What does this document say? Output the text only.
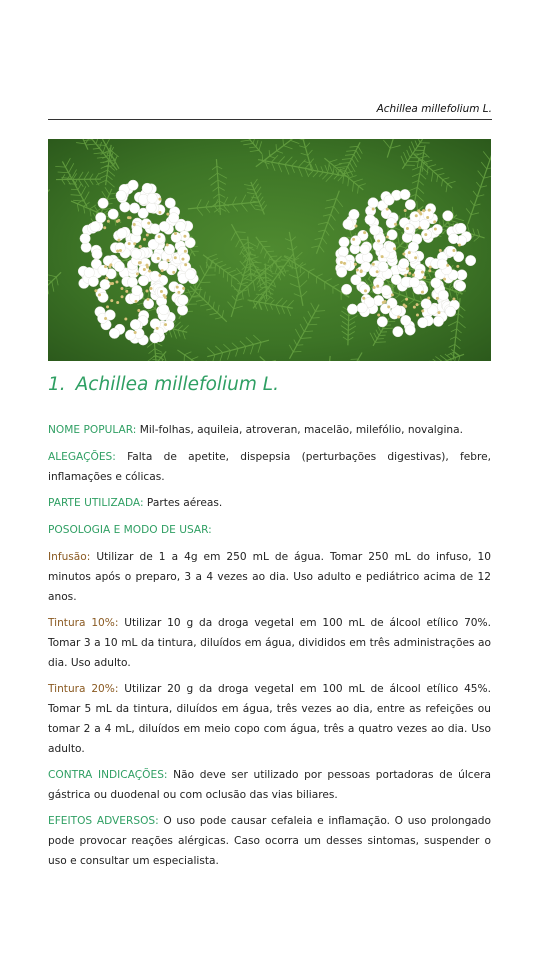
Achillea millefolium L.
1. Achillea millefolium L.

NOME POPULAR: Mil-folhas, aquileia, atroveran, macelão, milefólio, novalgina.

ALEGAÇÕES: Falta de apetite, dispepsia (perturbações digestivas), febre, inflamações e cólicas.

PARTE UTILIZADA: Partes aéreas.

POSOLOGIA E MODO DE USAR:

Infusão: Utilizar de 1 a 4g em 250 mL de água. Tomar 250 mL do infuso, 10 minutos após o preparo, 3 a 4 vezes ao dia. Uso adulto e pediátrico acima de 12 anos.

Tintura 10%: Utilizar 10 g da droga vegetal em 100 mL de álcool etílico 70%. Tomar 3 a 10 mL da tintura, diluídos em água, divididos em três administrações ao dia. Uso adulto.

Tintura 20%: Utilizar 20 g da droga vegetal em 100 mL de álcool etílico 45%. Tomar 5 mL da tintura, diluídos em água, três vezes ao dia, entre as refeições ou tomar 2 a 4 mL, diluídos em meio copo com água, três a quatro vezes ao dia. Uso adulto.

CONTRA INDICAÇÕES: Não deve ser utilizado por pessoas portadoras de úlcera gástrica ou duodenal ou com oclusão das vias biliares.

EFEITOS ADVERSOS: O uso pode causar cefaleia e inflamação. O uso prolongado pode provocar reações alérgicas. Caso ocorra um desses sintomas, suspender o uso e consultar um especialista.
